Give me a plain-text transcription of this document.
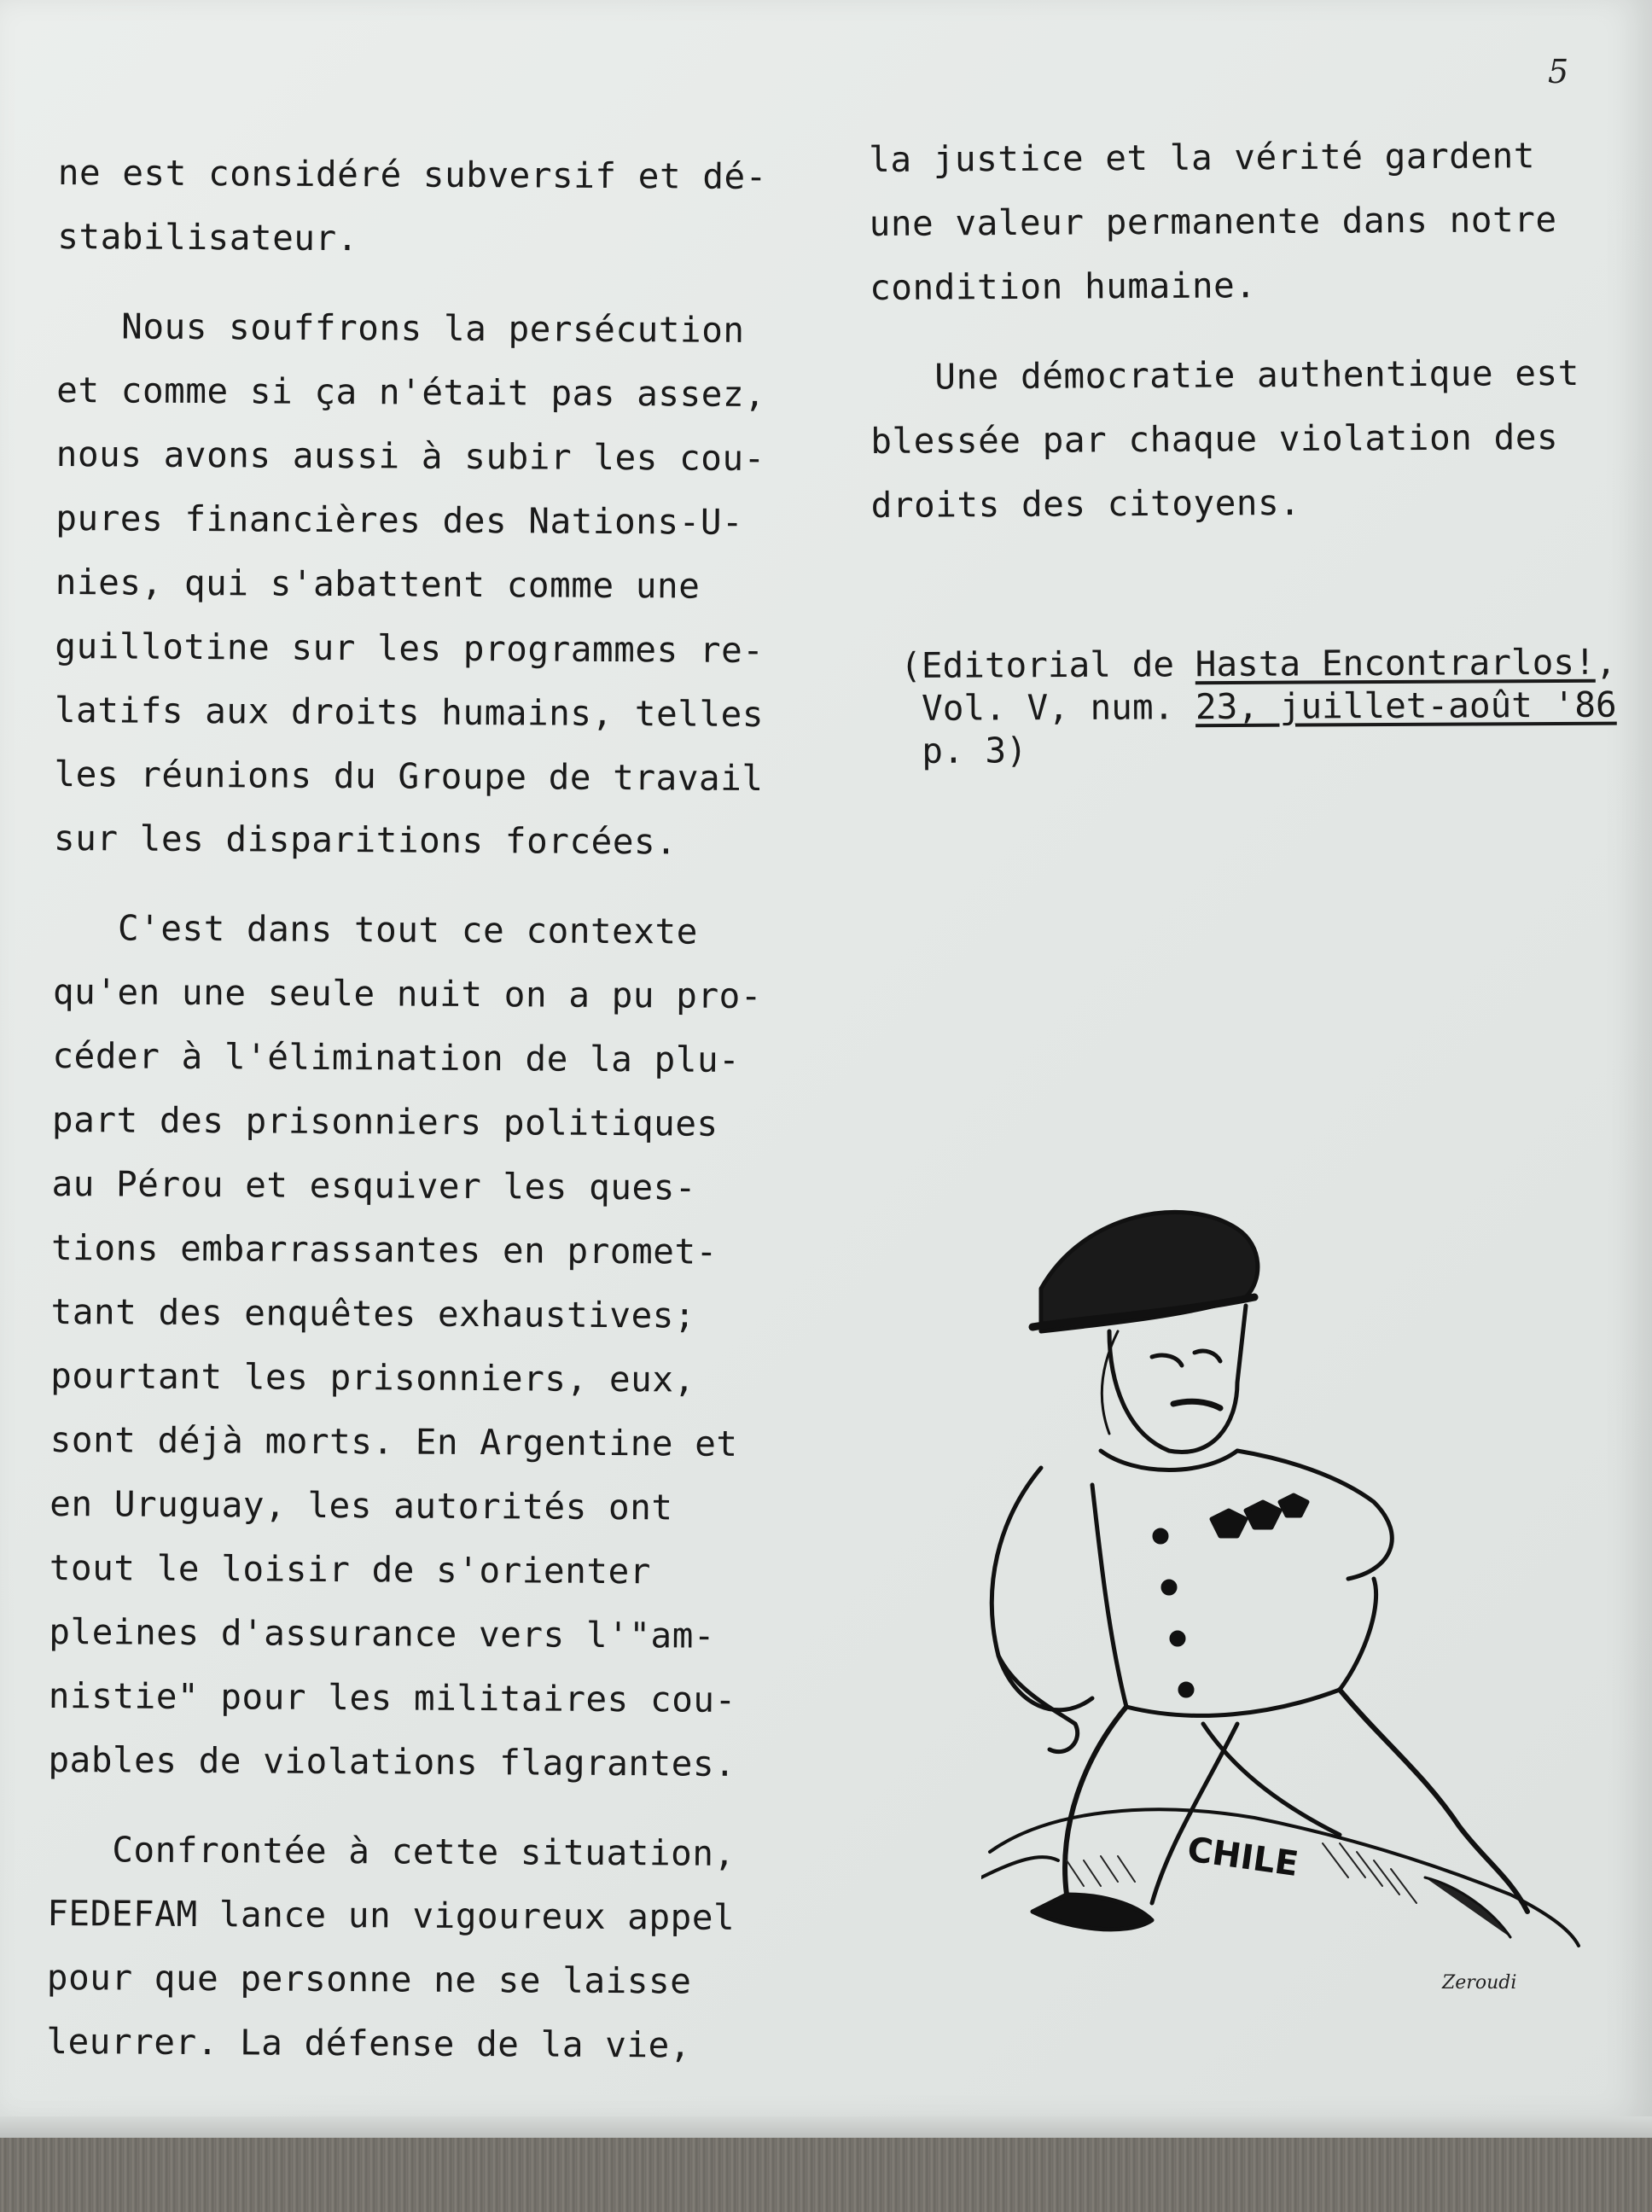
5
ne est considéré subversif et dé-
stabilisateur.
Nous souffrons la persécution
et comme si ça n'était pas assez,
nous avons aussi à subir les cou-
pures financières des Nations-U-
nies, qui s'abattent comme une
guillotine sur les programmes re-
latifs aux droits humains, telles
les réunions du Groupe de travail
sur les disparitions forcées.
C'est dans tout ce contexte
qu'en une seule nuit on a pu pro-
céder à l'élimination de la plu-
part des prisonniers politiques
au Pérou et esquiver les ques-
tions embarrassantes en promet-
tant des enquêtes exhaustives;
pourtant les prisonniers, eux,
sont déjà morts. En Argentine et
en Uruguay, les autorités ont
tout le loisir de s'orienter
pleines d'assurance vers l'"am-
nistie" pour les militaires cou-
pables de violations flagrantes.
Confrontée à cette situation,
FEDEFAM lance un vigoureux appel
pour que personne ne se laisse
leurrer. La défense de la vie,
la justice et la vérité gardent
une valeur permanente dans notre
condition humaine.
Une démocratie authentique est
blessée par chaque violation des
droits des citoyens.
(Editorial de Hasta Encontrarlos!,
Vol. V, num. 23, juillet-août '86
p. 3)
CHILE
Zeroudi
